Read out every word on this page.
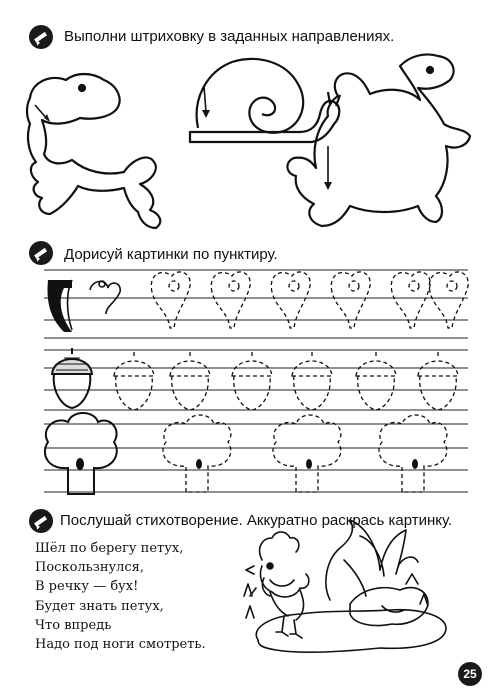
Выполни штриховку в заданных направлениях.
Дорисуй картинки по пунктиру.
Послушай стихотворение. Аккуратно раскрась картинку.
Шёл по берегу петух,
Поскользнулся,
В речку — бух!
Будет знать петух,
Что впредь
Надо под ноги смотреть.
25
